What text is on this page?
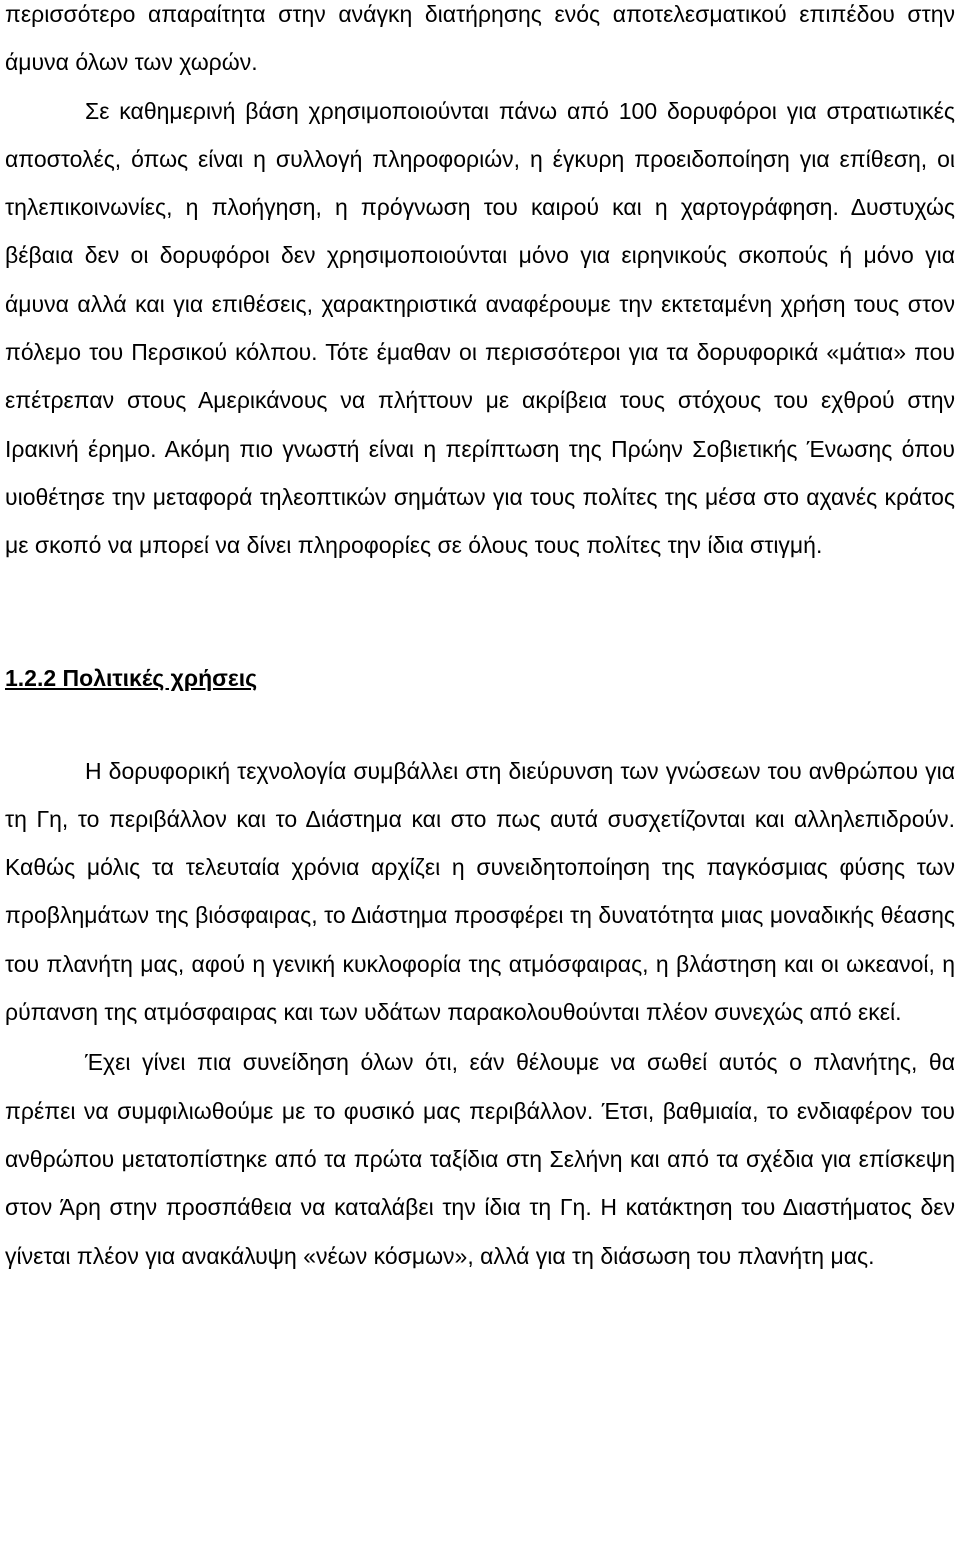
περισσότερο απαραίτητα στην ανάγκη διατήρησης ενός αποτελεσματικού επιπέδου στην άμυνα όλων των χωρών.

Σε καθημερινή βάση χρησιμοποιούνται πάνω από 100 δορυφόροι για στρατιωτικές αποστολές, όπως είναι η συλλογή πληροφοριών, η έγκυρη προειδοποίηση για επίθεση, οι τηλεπικοινωνίες, η πλοήγηση, η πρόγνωση του καιρού και η χαρτογράφηση. Δυστυχώς βέβαια δεν οι δορυφόροι δεν χρησιμοποιούνται μόνο για ειρηνικούς σκοπούς ή μόνο για άμυνα αλλά και για επιθέσεις, χαρακτηριστικά αναφέρουμε την εκτεταμένη χρήση τους στον πόλεμο του Περσικού κόλπου. Τότε έμαθαν οι περισσότεροι για τα δορυφορικά «μάτια» που επέτρεπαν στους Αμερικάνους να πλήττουν με ακρίβεια τους στόχους του εχθρού στην Ιρακινή έρημο. Ακόμη πιο γνωστή είναι η περίπτωση της Πρώην Σοβιετικής Ένωσης όπου υιοθέτησε την μεταφορά τηλεοπτικών σημάτων για τους πολίτες της μέσα στο αχανές κράτος με σκοπό να μπορεί να δίνει πληροφορίες σε όλους τους πολίτες την ίδια στιγμή.

1.2.2 Πολιτικές χρήσεις

Η δορυφορική τεχνολογία συμβάλλει στη διεύρυνση των γνώσεων του ανθρώπου για τη Γη, το περιβάλλον και το Διάστημα και στο πως αυτά συσχετίζονται και αλληλεπιδρούν. Καθώς μόλις τα τελευταία χρόνια αρχίζει η συνειδητοποίηση της παγκόσμιας φύσης των προβλημάτων της βιόσφαιρας, το Διάστημα προσφέρει τη δυνατότητα μιας μοναδικής θέασης του πλανήτη μας, αφού η γενική κυκλοφορία της ατμόσφαιρας, η βλάστηση και οι ωκεανοί, η ρύπανση της ατμόσφαιρας και των υδάτων παρακολουθούνται πλέον συνεχώς από εκεί.

Έχει γίνει πια συνείδηση όλων ότι, εάν θέλουμε να σωθεί αυτός ο πλανήτης, θα πρέπει να συμφιλιωθούμε με το φυσικό μας περιβάλλον. Έτσι, βαθμιαία, το ενδιαφέρον του ανθρώπου μετατοπίστηκε από τα πρώτα ταξίδια στη Σελήνη και από τα σχέδια για επίσκεψη στον Άρη στην προσπάθεια να καταλάβει την ίδια τη Γη. Η κατάκτηση του Διαστήματος δεν γίνεται πλέον για ανακάλυψη «νέων κόσμων», αλλά για τη διάσωση του πλανήτη μας.
